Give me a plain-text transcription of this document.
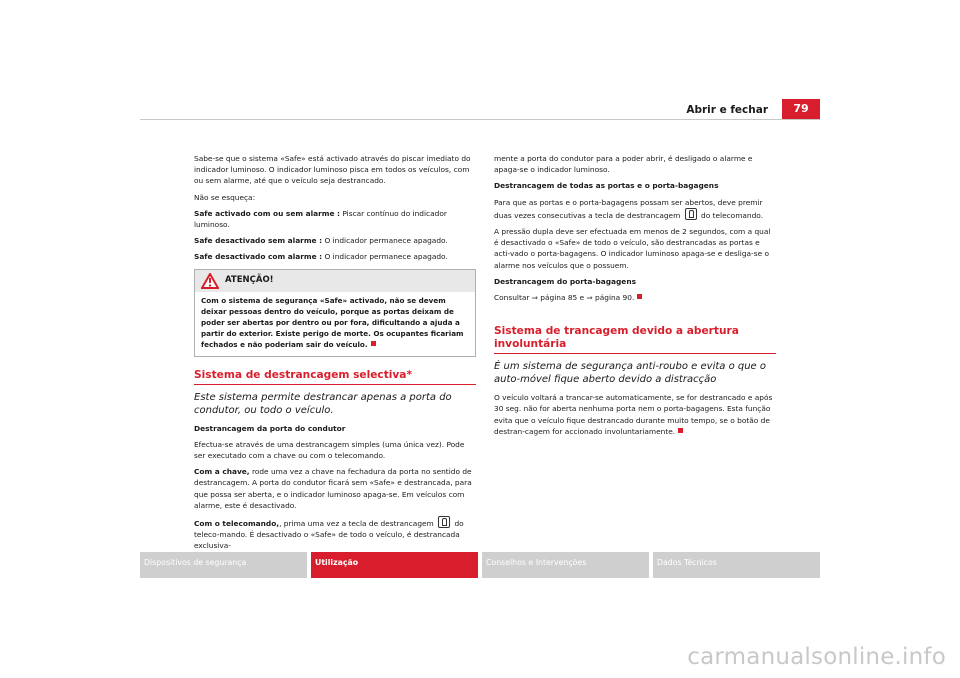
Abrir e fechar	79

Sabe-se que o sistema «Safe» está activado através do piscar imediato do indicador luminoso. O indicador luminoso pisca em todos os veículos, com ou sem alarme, até que o veículo seja destrancado.

Não se esqueça:

Safe activado com ou sem alarme : Piscar contínuo do indicador luminoso.

Safe desactivado sem alarme : O indicador permanece apagado.

Safe desactivado com alarme : O indicador permanece apagado.

ATENÇÃO!
Com o sistema de segurança «Safe» activado, não se devem deixar pessoas dentro do veículo, porque as portas deixam de poder ser abertas por dentro ou por fora, dificultando a ajuda a partir do exterior. Existe perigo de morte. Os ocupantes ficariam fechados e não poderiam sair do veículo.
Sistema de destrancagem selectiva*
Este sistema permite destrancar apenas a porta do condutor, ou todo o veículo.

Destrancagem da porta do condutor

Efectua-se através de uma destrancagem simples (uma única vez). Pode ser executado com a chave ou com o telecomando.

Com a chave, rode uma vez a chave na fechadura da porta no sentido de destrancagem. A porta do condutor ficará sem «Safe» e destrancada, para que possa ser aberta, e o indicador luminoso apaga-se. Em veículos com alarme, este é desactivado.

Com o telecomando,, prima uma vez a tecla de destrancagem	do teleco-mando. É desactivado o «Safe» de todo o veículo, é destrancada exclusiva-

mente a porta do condutor para a poder abrir, é desligado o alarme e apaga-se o indicador luminoso.

Destrancagem de todas as portas e o porta-bagagens

Para que as portas e o porta-bagagens possam ser abertos, deve premir duas vezes consecutivas a tecla de destrancagem	do telecomando.

A pressão dupla deve ser efectuada em menos de 2 segundos, com a qual é desactivado o «Safe» de todo o veículo, são destrancadas as portas e acti-vado o porta-bagagens. O indicador luminoso apaga-se e desliga-se o alarme nos veículos que o possuem.

Destrancagem do porta-bagagens

Consultar ⇒ página 85 e ⇒ página 90.

Sistema de trancagem devido a abertura involuntária
É um sistema de segurança anti-roubo e evita o que o auto-móvel fique aberto devido a distracção

O veículo voltará a trancar-se automaticamente, se for destrancado e após 30 seg. não for aberta nenhuma porta nem o porta-bagagens. Esta função evita que o veículo fique destrancado durante muito tempo, se o botão de destran-cagem for accionado involuntariamente.

Dispositivos de segurança	Utilização	Conselhos e Intervenções	Dados Técnicos
carmanualsonline.info
